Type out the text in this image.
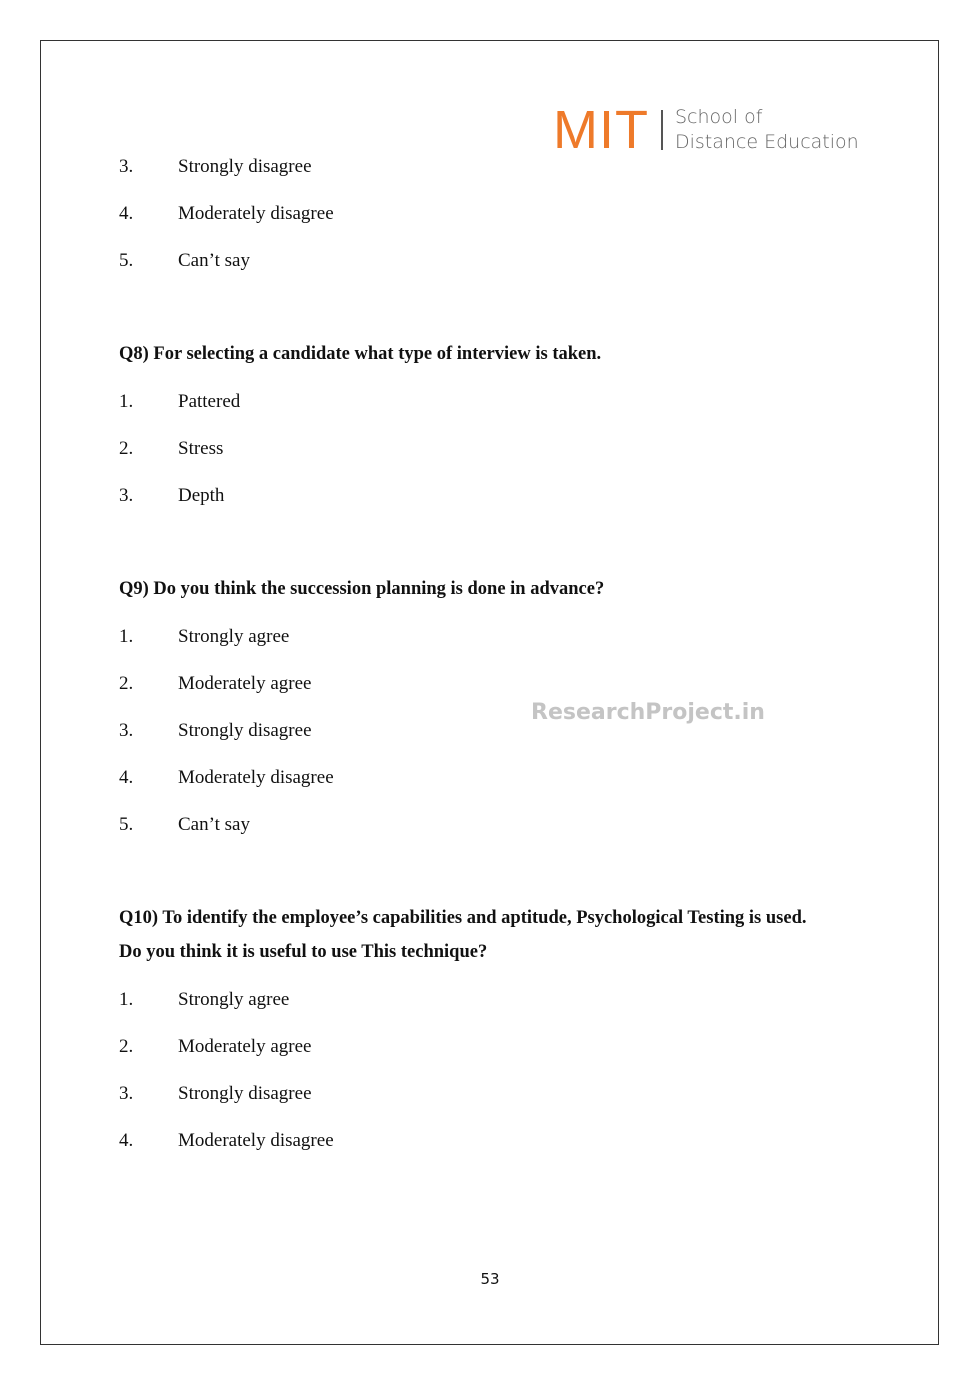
MIT School of
Distance Education
ResearchProject.in
3.	Strongly disagree
4.	Moderately disagree
5.	Can’t say
Q8) For selecting a candidate what type of interview is taken.
1.	Pattered
2.	Stress
3.	Depth
Q9) Do you think the succession planning is done in advance?
1.	Strongly agree
2.	Moderately agree
3.	Strongly disagree
4.	Moderately disagree
5.	Can’t say
Q10) To identify the employee’s capabilities and aptitude, Psychological Testing is used.
Do you think it is useful to use This technique?
1.	Strongly agree
2.	Moderately agree
3.	Strongly disagree
4.	Moderately disagree
53
